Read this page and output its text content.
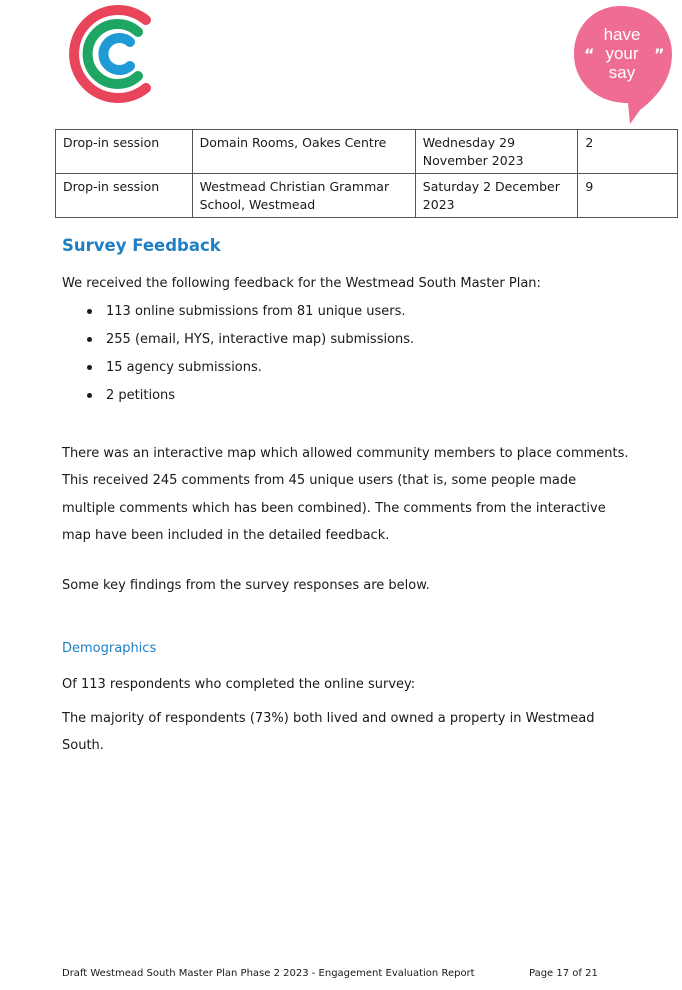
have
your
say
“	”
Drop-in session	Domain Rooms, Oakes Centre	Wednesday 29 November 2023	2
Drop-in session	Westmead Christian Grammar School, Westmead	Saturday 2 December 2023	9
Survey Feedback

We received the following feedback for the Westmead South Master Plan:

113 online submissions from 81 unique users.
255 (email, HYS, interactive map) submissions.
15 agency submissions.
2 petitions

There was an interactive map which allowed community members to place comments. This received 245 comments from 45 unique users (that is, some people made multiple comments which has been combined). The comments from the interactive map have been included in the detailed feedback.

Some key findings from the survey responses are below.

Demographics

Of 113 respondents who completed the online survey:

The majority of respondents (73%) both lived and owned a property in Westmead South.

Draft Westmead South Master Plan Phase 2 2023 - Engagement Evaluation Report	Page 17 of 21
